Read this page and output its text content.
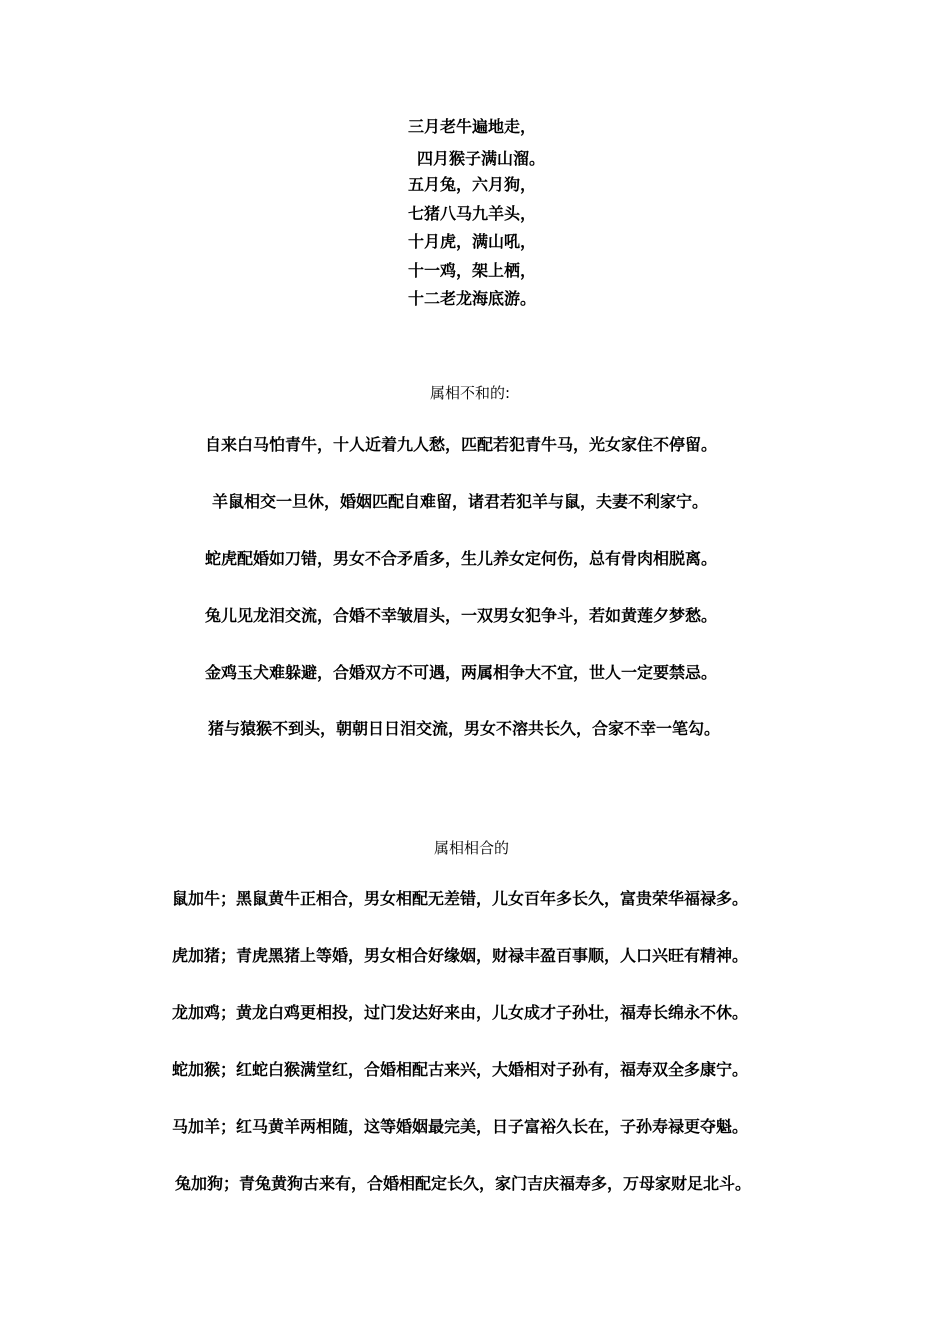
三月老牛遍地走，
四月猴子满山溜。
五月兔，六月狗，
七猪八马九羊头，
十月虎，满山吼，
十一鸡，架上栖，
十二老龙海底游。
属相不和的:
自来白马怕青牛，十人近着九人愁，匹配若犯青牛马，光女家住不停留。
羊鼠相交一旦休，婚姻匹配自难留，诸君若犯羊与鼠，夫妻不利家宁。
蛇虎配婚如刀错，男女不合矛盾多，生儿养女定何伤，总有骨肉相脱离。
兔儿见龙泪交流，合婚不幸皱眉头，一双男女犯争斗，若如黄莲夕梦愁。
金鸡玉犬难躲避，合婚双方不可遇，两属相争大不宜，世人一定要禁忌。
猪与猿猴不到头，朝朝日日泪交流，男女不溶共长久，合家不幸一笔勾。
属相相合的
鼠加牛；黑鼠黄牛正相合，男女相配无差错，儿女百年多长久，富贵荣华福禄多。
虎加猪；青虎黑猪上等婚，男女相合好缘姻，财禄丰盈百事顺，人口兴旺有精神。
龙加鸡；黄龙白鸡更相投，过门发达好来由，儿女成才子孙壮，福寿长绵永不休。
蛇加猴；红蛇白猴满堂红，合婚相配古来兴，大婚相对子孙有，福寿双全多康宁。
马加羊；红马黄羊两相随，这等婚姻最完美，日子富裕久长在，子孙寿禄更夺魁。
兔加狗；青兔黄狗古来有，合婚相配定长久，家门吉庆福寿多，万母家财足北斗。
